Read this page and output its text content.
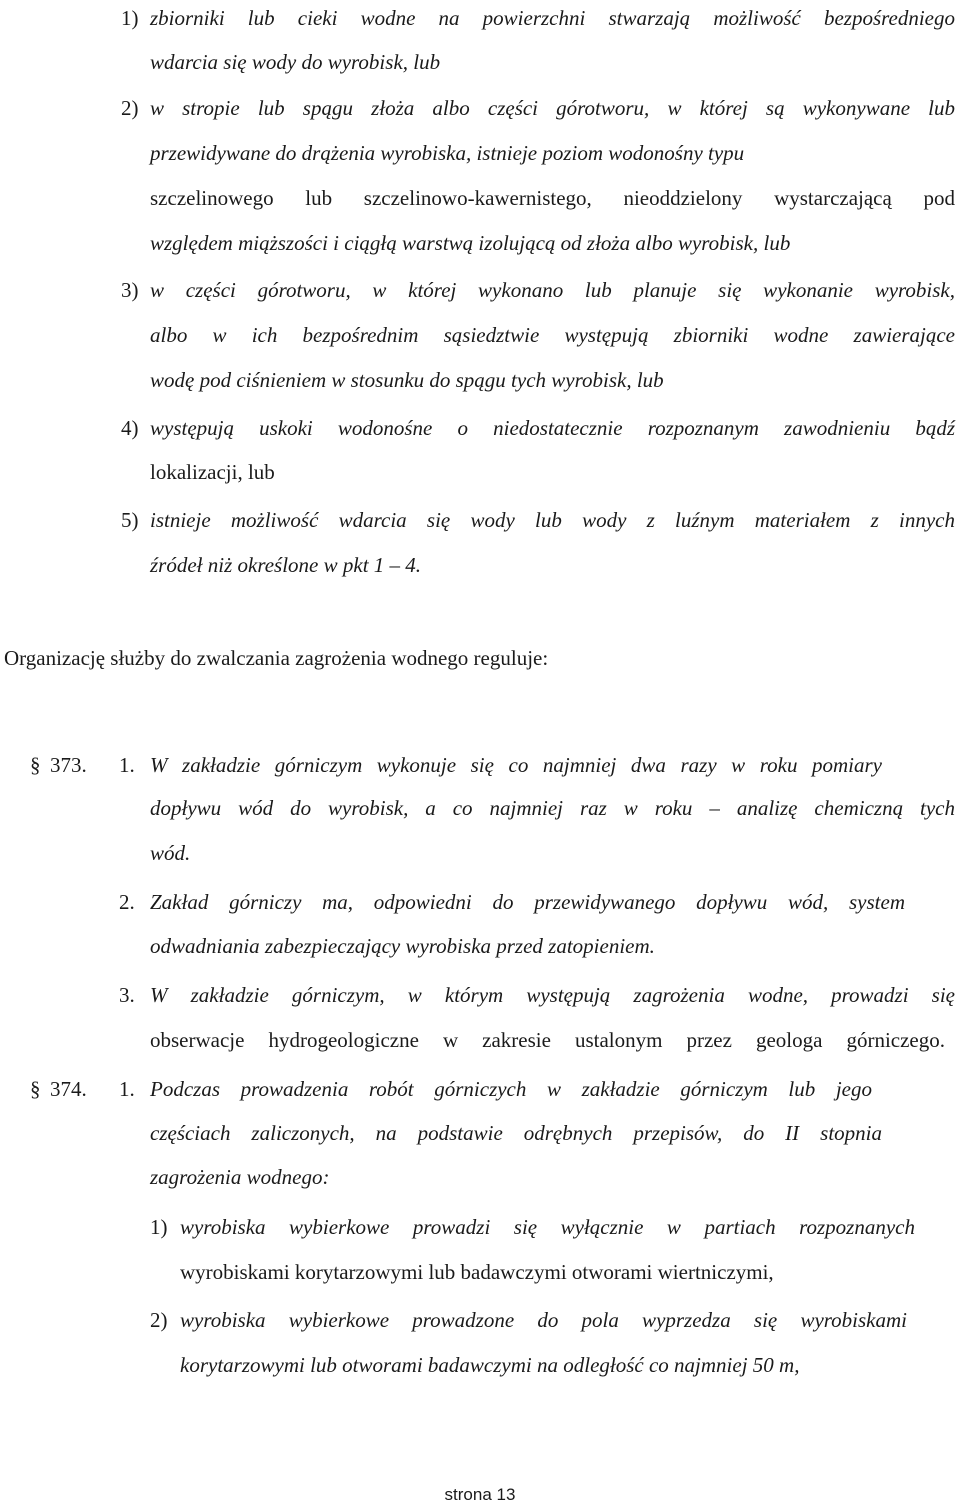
1) zbiorniki lub cieki wodne na powierzchni stwarzają możliwość bezpośredniego
wdarcia się wody do wyrobisk, lub
2) w stropie lub spągu złoża albo części górotworu, w której są wykonywane lub
przewidywane do drążenia wyrobiska, istnieje poziom wodonośny typu
szczelinowego lub szczelinowo-kawernistego, nieoddzielony wystarczającą pod
względem miąższości i ciągłą warstwą izolującą od złoża albo wyrobisk, lub
3) w części górotworu, w której wykonano lub planuje się wykonanie wyrobisk,
albo w ich bezpośrednim sąsiedztwie występują zbiorniki wodne zawierające
wodę pod ciśnieniem w stosunku do spągu tych wyrobisk, lub
4) występują uskoki wodonośne o niedostatecznie rozpoznanym zawodnieniu bądź
lokalizacji, lub
5) istnieje możliwość wdarcia się wody lub wody z luźnym materiałem z innych
źródeł niż określone w pkt 1 – 4.
Organizację służby do zwalczania zagrożenia wodnego reguluje:
§ 373. 1. W zakładzie górniczym wykonuje się co najmniej dwa razy w roku pomiary
dopływu wód do wyrobisk, a co najmniej raz w roku – analizę chemiczną tych
wód.
2. Zakład górniczy ma, odpowiedni do przewidywanego dopływu wód, system
odwadniania zabezpieczający wyrobiska przed zatopieniem.
3. W zakładzie górniczym, w którym występują zagrożenia wodne, prowadzi się
obserwacje hydrogeologiczne w zakresie ustalonym przez geologa górniczego.
§ 374. 1. Podczas prowadzenia robót górniczych w zakładzie górniczym lub jego
częściach zaliczonych, na podstawie odrębnych przepisów, do II stopnia
zagrożenia wodnego:
1) wyrobiska wybierkowe prowadzi się wyłącznie w partiach rozpoznanych
wyrobiskami korytarzowymi lub badawczymi otworami wiertniczymi,
2) wyrobiska wybierkowe prowadzone do pola wyprzedza się wyrobiskami
korytarzowymi lub otworami badawczymi na odległość co najmniej 50 m,
strona 13
